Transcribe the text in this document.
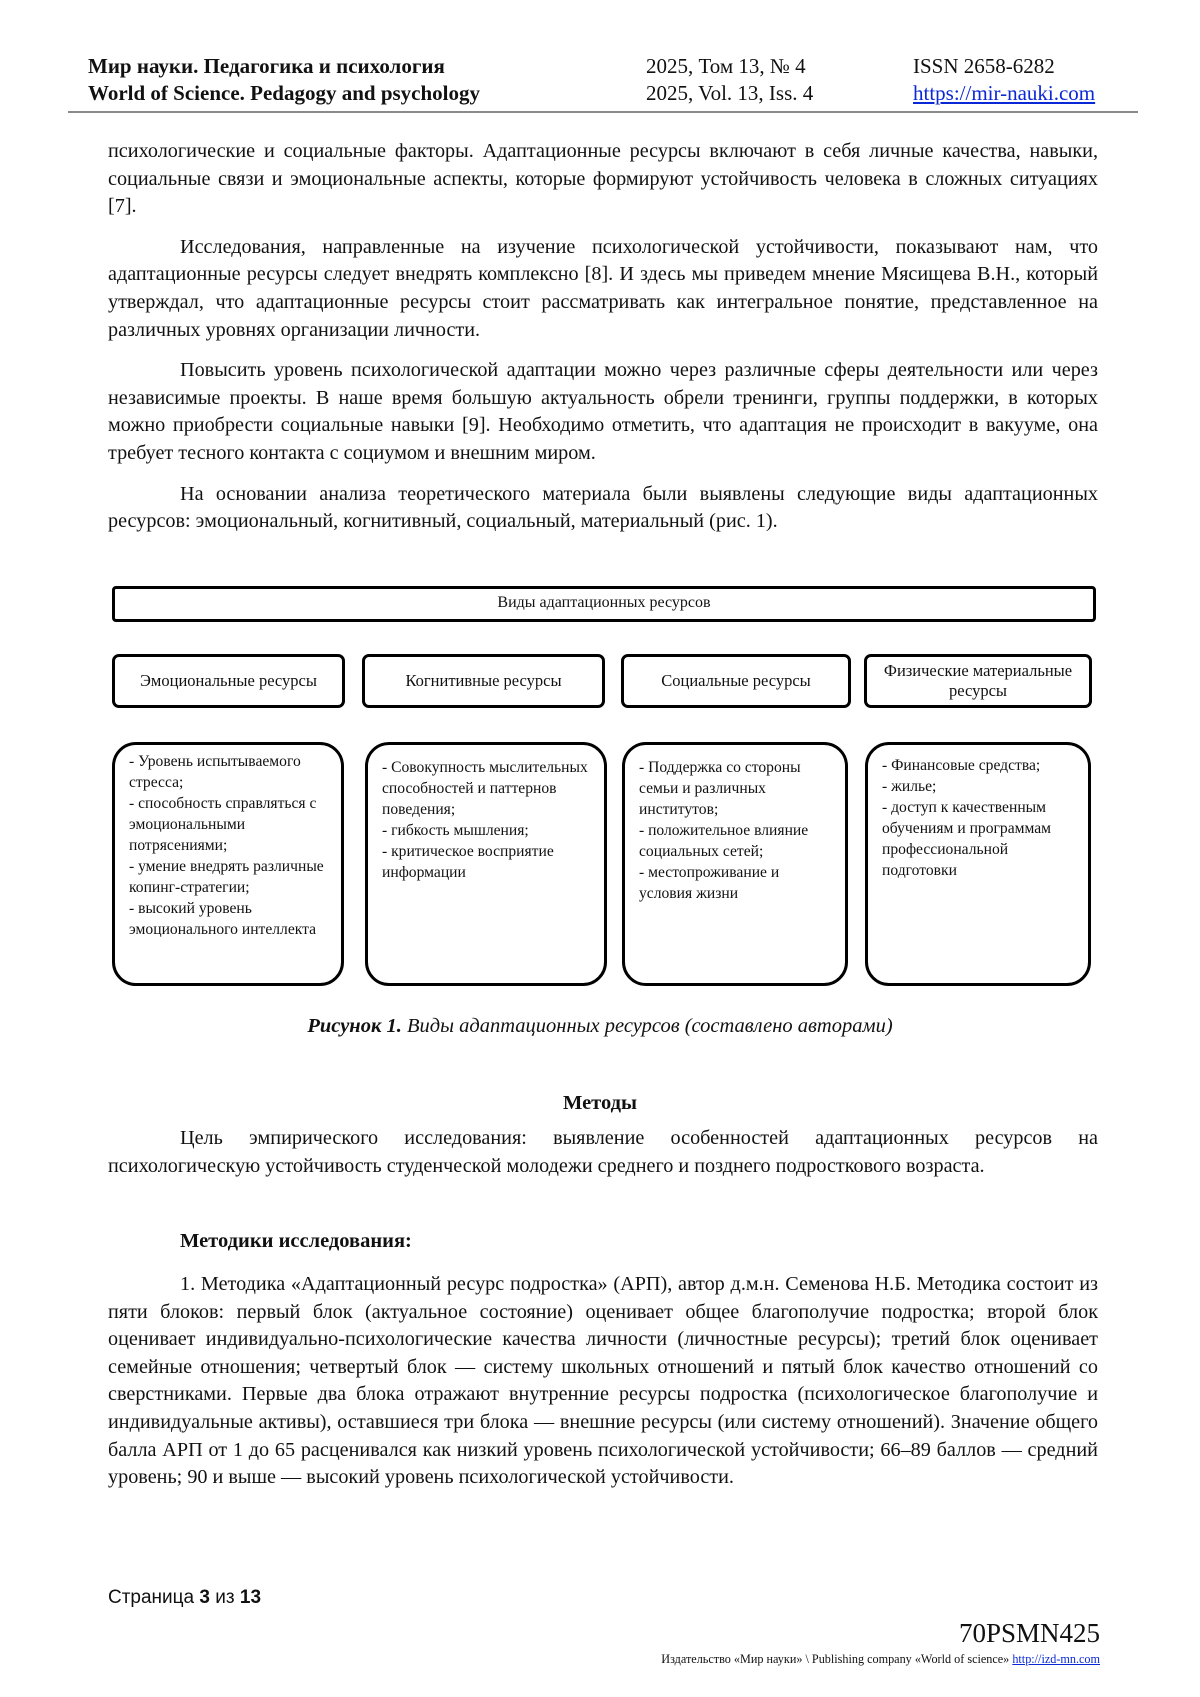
Мир науки. Педагогика и психология
World of Science. Pedagogy and psychology
2025, Том 13, № 4
2025, Vol. 13, Iss. 4
ISSN 2658-6282
https://mir-nauki.com

психологические и социальные факторы. Адаптационные ресурсы включают в себя личные качества, навыки, социальные связи и эмоциональные аспекты, которые формируют устойчивость человека в сложных ситуациях [7].

Исследования, направленные на изучение психологической устойчивости, показывают нам, что адаптационные ресурсы следует внедрять комплексно [8]. И здесь мы приведем мнение Мясищева В.Н., который утверждал, что адаптационные ресурсы стоит рассматривать как интегральное понятие, представленное на различных уровнях организации личности.

Повысить уровень психологической адаптации можно через различные сферы деятельности или через независимые проекты. В наше время большую актуальность обрели тренинги, группы поддержки, в которых можно приобрести социальные навыки [9]. Необходимо отметить, что адаптация не происходит в вакууме, она требует тесного контакта с социумом и внешним миром.

На основании анализа теоретического материала были выявлены следующие виды адаптационных ресурсов: эмоциональный, когнитивный, социальный, материальный (рис. 1).

Виды адаптационных ресурсов
Эмоциональные ресурсы	Когнитивные ресурсы	Социальные ресурсы
Физические материальные ресурсы
- Уровень испытываемого стресса;
- способность справляться с эмоциональными потрясениями;
- умение внедрять различные копинг-стратегии;
- высокий уровень эмоционального интеллекта
- Совокупность мыслительных способностей и паттернов поведения;
- гибкость мышления;
- критическое восприятие информации
- Поддержка со стороны семьи и различных институтов;
- положительное влияние социальных сетей;
- местопроживание и условия жизни
- Финансовые средства;
- жилье;
- доступ к качественным обучениям и программам профессиональной подготовки
Рисунок 1. Виды адаптационных ресурсов (составлено авторами)
Методы

Цель эмпирического исследования: выявление особенностей адаптационных ресурсов на психологическую устойчивость студенческой молодежи среднего и позднего подросткового возраста.

Методики исследования:

1. Методика «Адаптационный ресурс подростка» (АРП), автор д.м.н. Семенова Н.Б. Методика состоит из пяти блоков: первый блок (актуальное состояние) оценивает общее благополучие подростка; второй блок оценивает индивидуально-психологические качества личности (личностные ресурсы); третий блок оценивает семейные отношения; четвертый блок — систему школьных отношений и пятый блок качество отношений со сверстниками. Первые два блока отражают внутренние ресурсы подростка (психологическое благополучие и индивидуальные активы), оставшиеся три блока — внешние ресурсы (или систему отношений). Значение общего балла АРП от 1 до 65 расценивался как низкий уровень психологической устойчивости; 66–89 баллов — средний уровень; 90 и выше — высокий уровень психологической устойчивости.

Страница 3 из 13
70PSMN425
Издательство «Мир науки» \ Publishing company «World of science» http://izd-mn.com
